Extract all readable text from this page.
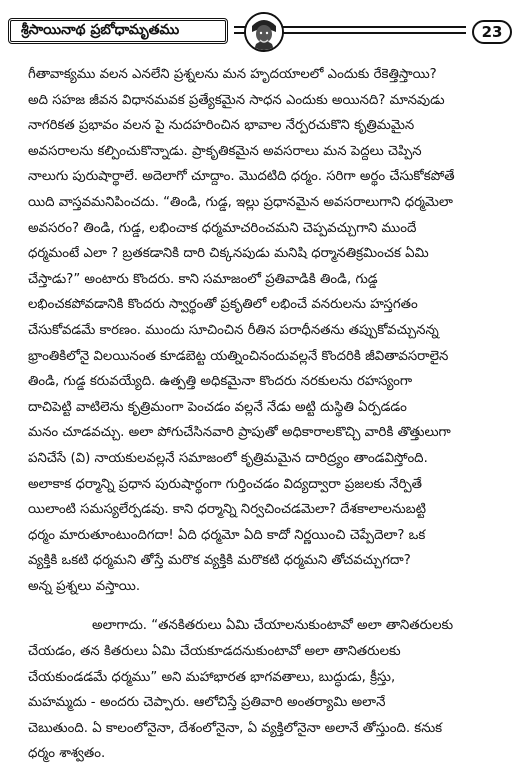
శ్రీసాయినాథ ప్రబోధామృతము	23
గీతావాక్యము వలన ఎనలేని ప్రశ్నలను మన హృదయాలలో ఎందుకు రేకెత్తిస్తాయి?
అది సహజ జీవన విధానమవక ప్రత్యేకమైన సాధన ఎందుకు అయినది? మానవుడు
నాగరికత ప్రభావం వలన పై నుదహరించిన భావాల నేర్పరచుకొని కృత్రిమమైన
అవసరాలను కల్పించుకొన్నాడు. ప్రాకృతికమైన అవసరాలు మన పెద్దలు చెప్పిన
నాలుగు పురుషార్థాలే. అదెలాగో చూద్దాం. మొదటిది ధర్మం. సరిగా అర్థం చేసుకోకపోతే
యిది వాస్తవమనిపించదు. “తిండి, గుడ్డ, ఇల్లు ప్రధానమైన అవసరాలుగాని ధర్మమెలా
అవసరం? తిండి, గుడ్డ, లభించాక ధర్మమాచరించమని చెప్పవచ్చుగాని ముందే
ధర్మమంటే ఎలా ? బ్రతకడానికి దారి చిక్కనపుడు మనిషి ధర్మానతిక్రమించక ఏమి
చేస్తాడు?” అంటారు కొందరు. కాని సమాజంలో ప్రతివాడికి తిండి, గుడ్డ
లభించకపోవడానికి కొందరు స్వార్థంతో ప్రకృతిలో లభించే వనరులను హస్తగతం
చేసుకోవడమే కారణం. ముందు సూచించిన రీతిన పరాధీనతను తప్పుకోవచ్చునన్న
భ్రాంతికిలోనై విలయినంత కూడబెట్ట యత్నించినందువల్లనే కొందరికి జీవితావసరాలైన
తిండి, గుడ్డ కరువయ్యేది. ఉత్పత్తి అధికమైనా కొందరు నరకులను రహస్యంగా
దాచిపెట్టి వాటిలెను కృత్రిమంగా పెంచడం వల్లనే నేడు అట్టి దుస్థితి ఏర్పడడం
మనం చూడవచ్చు. అలా పోగుచేసినవారి ప్రాపుతో అధికారాలకొచ్చి వారికి తొత్తులుగా
పనిచేసే (వి) నాయకులవల్లనే సమాజంలో కృత్రిమమైన దారిద్ర్యం తాండవిస్తోంది.
అలాకాక ధర్మాన్ని ప్రధాన పురుషార్థంగా గుర్తించడం విద్యద్వారా ప్రజలకు నేర్పితే
యిలాంటి సమస్యలేర్పడవు. కాని ధర్మాన్ని నిర్వచించడమెలా? దేశకాలాలనుబట్టి
ధర్మం మారుతూంటుందిగదా! ఏది ధర్మమో ఏది కాదో నిర్ణయించి చెప్పేదెలా? ఒక
వ్యక్తికి ఒకటి ధర్మమని తోస్తే మరొక వ్యక్తికి మరొకటి ధర్మమని తోచవచ్చుగదా?
అన్న ప్రశ్నలు వస్తాయి.
అలాగాదు. “తనకితరులు ఏమి చేయాలనుకుంటావో అలా తానితరులకు
చేయడం, తన కితరులు ఏమి చేయకూడదనుకుంటావో అలా తానితరులకు
చేయకుండడమే ధర్మము” అని మహాభారత భాగవతాలు, బుద్ధుడు, క్రీస్తు,
మహమ్మదు - అందరు చెప్పారు. ఆలోచిస్తే ప్రతివారి అంతర్యామి అలానే
చెబుతుంది. ఏ కాలంలోనైనా, దేశంలోనైనా, ఏ వ్యక్తిలోనైనా అలానే తోస్తుంది. కనుక
ధర్మం శాశ్వతం.
